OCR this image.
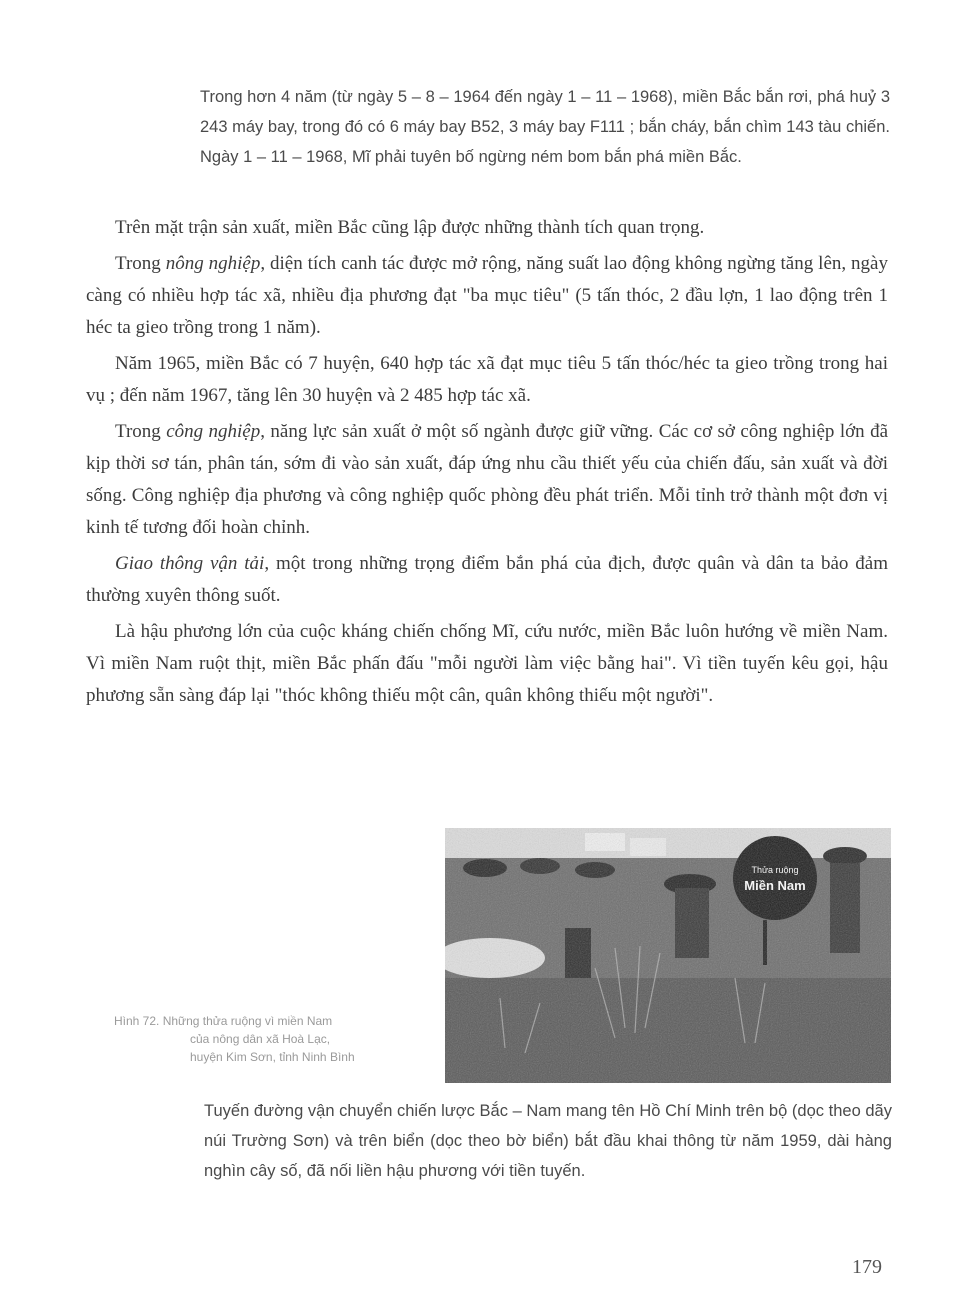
Trong hơn 4 năm (từ ngày 5 – 8 – 1964 đến ngày 1 – 11 – 1968), miền Bắc bắn rơi, phá huỷ 3 243 máy bay, trong đó có 6 máy bay B52, 3 máy bay F111 ; bắn cháy, bắn chìm 143 tàu chiến. Ngày 1 – 11 – 1968, Mĩ phải tuyên bố ngừng ném bom bắn phá miền Bắc.

Trên mặt trận sản xuất, miền Bắc cũng lập được những thành tích quan trọng.

Trong nông nghiệp, diện tích canh tác được mở rộng, năng suất lao động không ngừng tăng lên, ngày càng có nhiều hợp tác xã, nhiều địa phương đạt "ba mục tiêu" (5 tấn thóc, 2 đầu lợn, 1 lao động trên 1 héc ta gieo trồng trong 1 năm).

Năm 1965, miền Bắc có 7 huyện, 640 hợp tác xã đạt mục tiêu 5 tấn thóc/héc ta gieo trồng trong hai vụ ; đến năm 1967, tăng lên 30 huyện và 2 485 hợp tác xã.

Trong công nghiệp, năng lực sản xuất ở một số ngành được giữ vững. Các cơ sở công nghiệp lớn đã kịp thời sơ tán, phân tán, sớm đi vào sản xuất, đáp ứng nhu cầu thiết yếu của chiến đấu, sản xuất và đời sống. Công nghiệp địa phương và công nghiệp quốc phòng đều phát triển. Mỗi tỉnh trở thành một đơn vị kinh tế tương đối hoàn chỉnh.

Giao thông vận tải, một trong những trọng điểm bắn phá của địch, được quân và dân ta bảo đảm thường xuyên thông suốt.

Là hậu phương lớn của cuộc kháng chiến chống Mĩ, cứu nước, miền Bắc luôn hướng về miền Nam. Vì miền Nam ruột thịt, miền Bắc phấn đấu "mỗi người làm việc bằng hai". Vì tiền tuyến kêu gọi, hậu phương sẵn sàng đáp lại "thóc không thiếu một cân, quân không thiếu một người".

Thửa ruộng
Miền Nam
Hình 72. Những thửa ruộng vì miền Nam
của nông dân xã Hoà Lạc,
huyện Kim Sơn, tỉnh Ninh Bình

Tuyến đường vận chuyển chiến lược Bắc – Nam mang tên Hồ Chí Minh trên bộ (dọc theo dãy núi Trường Sơn) và trên biển (dọc theo bờ biển) bắt đầu khai thông từ năm 1959, dài hàng nghìn cây số, đã nối liền hậu phương với tiền tuyến.

179
